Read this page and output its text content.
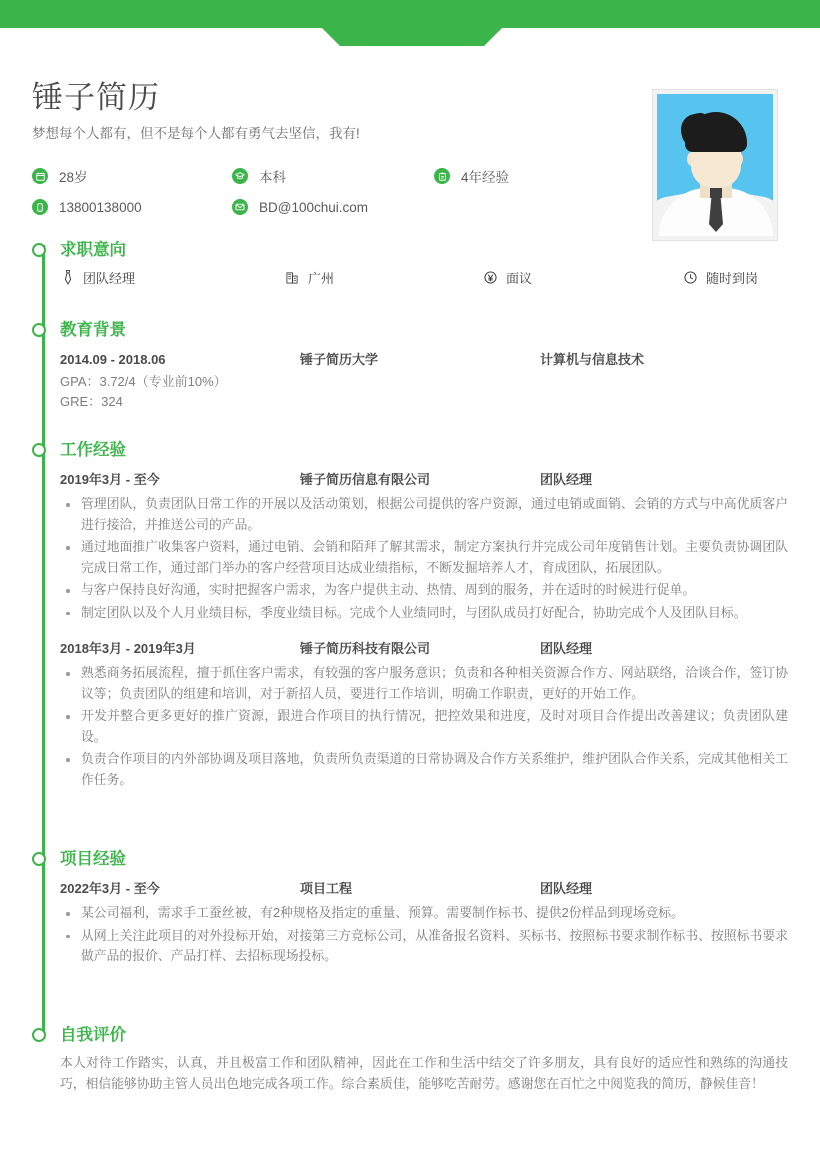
锤子简历
梦想每个人都有，但不是每个人都有勇气去坚信，我有!
28岁	本科	4年经验
13800138000	BD@100chui.com
求职意向
团队经理	广州	面议	随时到岗
教育背景
2014.09 - 2018.06	锤子简历大学	计算机与信息技术
GPA：3.72/4（专业前10%）
GRE：324
工作经验
2019年3月 - 至今	锤子简历信息有限公司	团队经理
管理团队，负责团队日常工作的开展以及活动策划，根据公司提供的客户资源，通过电销或面销、会销的方式与中高优质客户进行接洽，并推送公司的产品。
通过地面推广收集客户资料，通过电销、会销和陌拜了解其需求，制定方案执行并完成公司年度销售计划。主要负责协调团队完成日常工作，通过部门举办的客户经营项目达成业绩指标，不断发掘培养人才，育成团队，拓展团队。
与客户保持良好沟通，实时把握客户需求，为客户提供主动、热情、周到的服务，并在适时的时候进行促单。
制定团队以及个人月业绩目标，季度业绩目标。完成个人业绩同时，与团队成员打好配合，协助完成个人及团队目标。
2018年3月 - 2019年3月	锤子简历科技有限公司	团队经理
熟悉商务拓展流程，擅于抓住客户需求，有较强的客户服务意识；负责和各种相关资源合作方、网站联络，洽谈合作，签订协议等；负责团队的组建和培训，对于新招人员，要进行工作培训，明确工作职责，更好的开始工作。
开发并整合更多更好的推广资源，跟进合作项目的执行情况，把控效果和进度，及时对项目合作提出改善建议；负责团队建设。
负责合作项目的内外部协调及项目落地，负责所负责渠道的日常协调及合作方关系维护，维护团队合作关系，完成其他相关工作任务。
项目经验
2022年3月 - 至今	项目工程	团队经理
某公司福利，需求手工蚕丝被，有2种规格及指定的重量、预算。需要制作标书、提供2份样品到现场竞标。
从网上关注此项目的对外投标开始，对接第三方竞标公司，从准备报名资料、买标书、按照标书要求制作标书、按照标书要求做产品的报价、产品打样、去招标现场投标。
自我评价
本人对待工作踏实，认真，并且极富工作和团队精神，因此在工作和生活中结交了许多朋友，具有良好的适应性和熟练的沟通技巧，相信能够协助主管人员出色地完成各项工作。综合素质佳，能够吃苦耐劳。感谢您在百忙之中阅览我的简历，静候佳音！
